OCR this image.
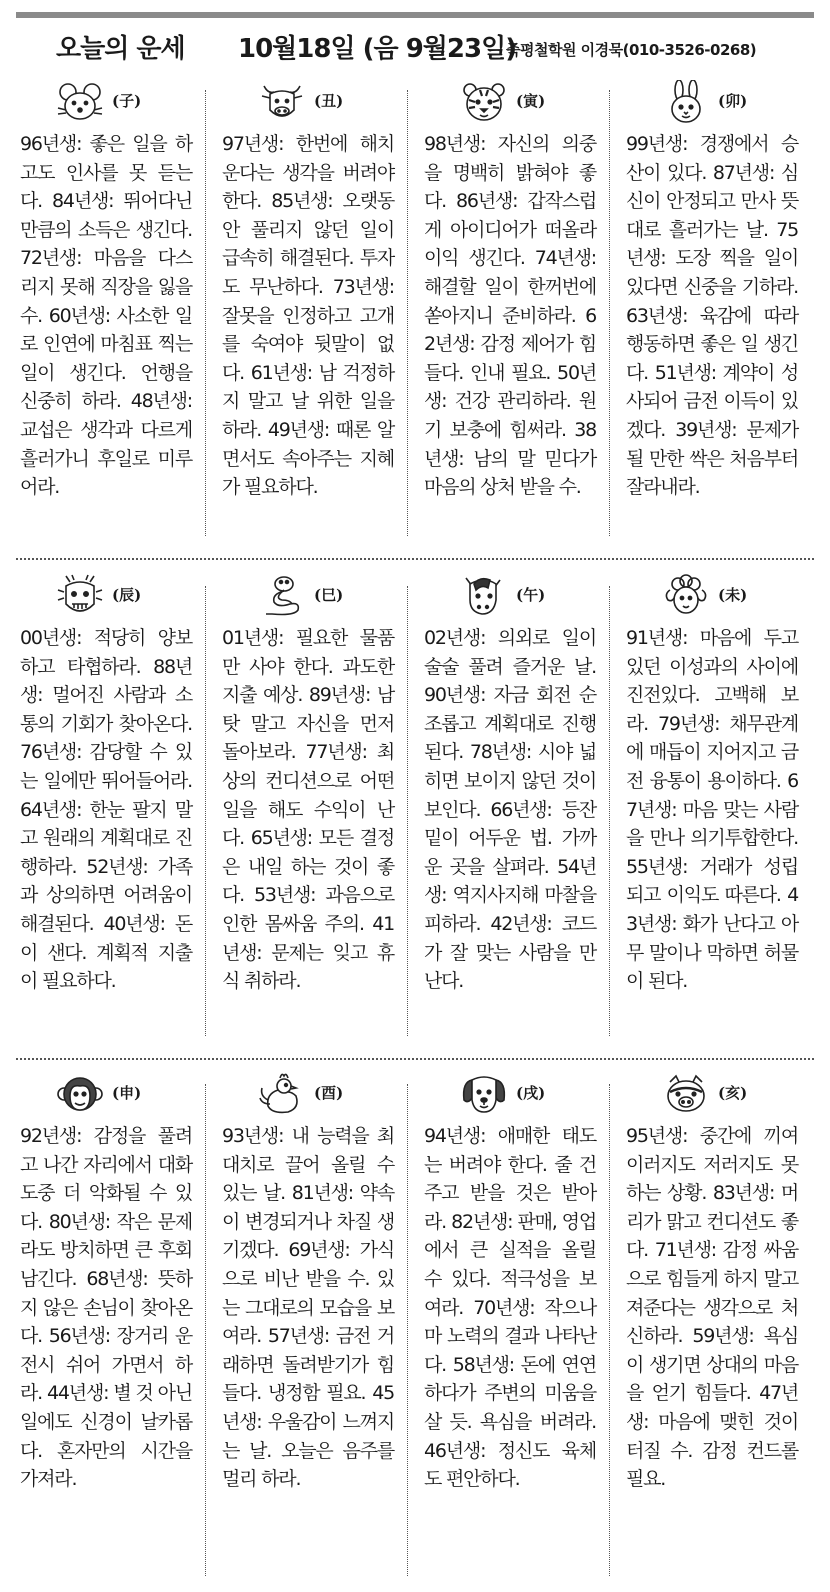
오늘의 운세 10월18일 (음 9월23일)
죽평철학원 이경묵(010-3526-0268)
(子)

96년생: 좋은 일을 하고도 인사를 못 듣는다. 84년생: 뛰어다닌 만큼의 소득은 생긴다. 72년생: 마음을 다스리지 못해 직장을 잃을 수. 60년생: 사소한 일로 인연에 마침표 찍는 일이 생긴다. 언행을 신중히 하라. 48년생: 교섭은 생각과 다르게 흘러가니 후일로 미루어라.

(丑)

97년생: 한번에 해치운다는 생각을 버려야 한다. 85년생: 오랫동안 풀리지 않던 일이 급속히 해결된다. 투자도 무난하다. 73년생: 잘못을 인정하고 고개를 숙여야 뒷말이 없다. 61년생: 남 걱정하지 말고 날 위한 일을 하라. 49년생: 때론 알면서도 속아주는 지혜가 필요하다.

(寅)

98년생: 자신의 의중을 명백히 밝혀야 좋다. 86년생: 갑작스럽게 아이디어가 떠올라 이익 생긴다. 74년생: 해결할 일이 한꺼번에 쏟아지니 준비하라. 62년생: 감정 제어가 힘들다. 인내 필요. 50년생: 건강 관리하라. 원기 보충에 힘써라. 38년생: 남의 말 믿다가 마음의 상처 받을 수.

(卯)

99년생: 경쟁에서 승산이 있다. 87년생: 심신이 안정되고 만사 뜻대로 흘러가는 날. 75년생: 도장 찍을 일이 있다면 신중을 기하라. 63년생: 육감에 따라 행동하면 좋은 일 생긴다. 51년생: 계약이 성사되어 금전 이득이 있겠다. 39년생: 문제가 될 만한 싹은 처음부터 잘라내라.

(辰)

00년생: 적당히 양보하고 타협하라. 88년생: 멀어진 사람과 소통의 기회가 찾아온다. 76년생: 감당할 수 있는 일에만 뛰어들어라. 64년생: 한눈 팔지 말고 원래의 계획대로 진행하라. 52년생: 가족과 상의하면 어려움이 해결된다. 40년생: 돈이 샌다. 계획적 지출이 필요하다.

(巳)

01년생: 필요한 물품만 사야 한다. 과도한 지출 예상. 89년생: 남 탓 말고 자신을 먼저 돌아보라. 77년생: 최상의 컨디션으로 어떤 일을 해도 수익이 난다. 65년생: 모든 결정은 내일 하는 것이 좋다. 53년생: 과음으로 인한 몸싸움 주의. 41년생: 문제는 잊고 휴식 취하라.

(午)

02년생: 의외로 일이 술술 풀려 즐거운 날. 90년생: 자금 회전 순조롭고 계획대로 진행된다. 78년생: 시야 넓히면 보이지 않던 것이 보인다. 66년생: 등잔밑이 어두운 법. 가까운 곳을 살펴라. 54년생: 역지사지해 마찰을 피하라. 42년생: 코드가 잘 맞는 사람을 만난다.

(未)

91년생: 마음에 두고 있던 이성과의 사이에 진전있다. 고백해 보라. 79년생: 채무관계에 매듭이 지어지고 금전 융통이 용이하다. 67년생: 마음 맞는 사람을 만나 의기투합한다. 55년생: 거래가 성립되고 이익도 따른다. 43년생: 화가 난다고 아무 말이나 막하면 허물이 된다.

(申)

92년생: 감정을 풀려고 나간 자리에서 대화 도중 더 악화될 수 있다. 80년생: 작은 문제라도 방치하면 큰 후회 남긴다. 68년생: 뜻하지 않은 손님이 찾아온다. 56년생: 장거리 운전시 쉬어 가면서 하라. 44년생: 별 것 아닌 일에도 신경이 날카롭다. 혼자만의 시간을 가져라.

(酉)

93년생: 내 능력을 최대치로 끌어 올릴 수 있는 날. 81년생: 약속이 변경되거나 차질 생기겠다. 69년생: 가식으로 비난 받을 수. 있는 그대로의 모습을 보여라. 57년생: 금전 거래하면 돌려받기가 힘들다. 냉정함 필요. 45년생: 우울감이 느껴지는 날. 오늘은 음주를 멀리 하라.

(戌)

94년생: 애매한 태도는 버려야 한다. 줄 건 주고 받을 것은 받아라. 82년생: 판매, 영업에서 큰 실적을 올릴 수 있다. 적극성을 보여라. 70년생: 작으나마 노력의 결과 나타난다. 58년생: 돈에 연연하다가 주변의 미움을 살 듯. 욕심을 버려라. 46년생: 정신도 육체도 편안하다.

(亥)

95년생: 중간에 끼여 이러지도 저러지도 못하는 상황. 83년생: 머리가 맑고 컨디션도 좋다. 71년생: 감정 싸움으로 힘들게 하지 말고 져준다는 생각으로 처신하라. 59년생: 욕심이 생기면 상대의 마음을 얻기 힘들다. 47년생: 마음에 맺힌 것이 터질 수. 감정 컨드롤 필요.
